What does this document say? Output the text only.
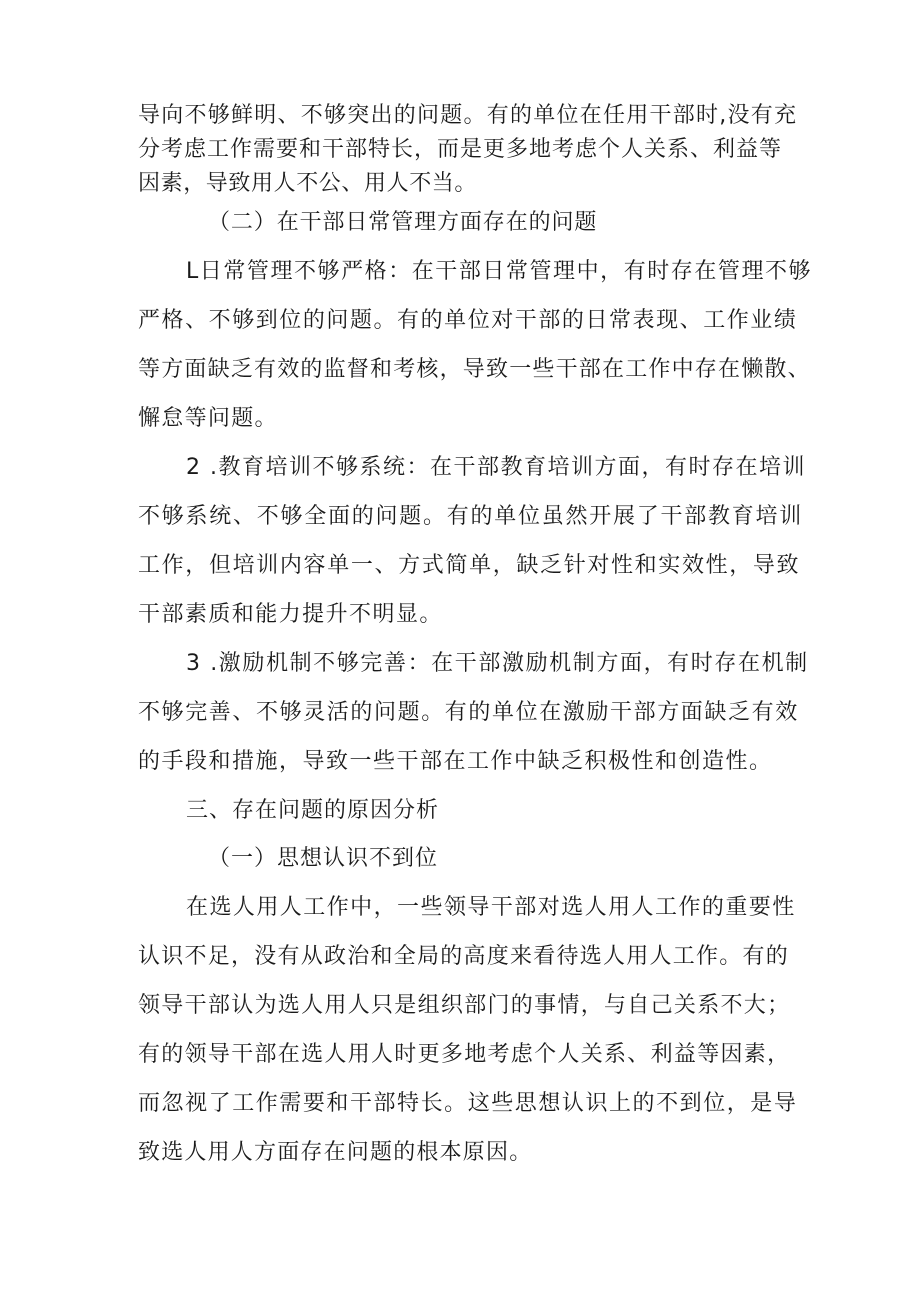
导向不够鲜明、不够突出的问题。有的单位在任用干部时,没有充
分考虑工作需要和干部特长，而是更多地考虑个人关系、利益等
因素，导致用人不公、用人不当。
（二）在干部日常管理方面存在的问题
L日常管理不够严格：在干部日常管理中，有时存在管理不够
严格、不够到位的问题。有的单位对干部的日常表现、工作业绩
等方面缺乏有效的监督和考核，导致一些干部在工作中存在懒散、
懈怠等问题。
2 .教育培训不够系统：在干部教育培训方面，有时存在培训
不够系统、不够全面的问题。有的单位虽然开展了干部教育培训
工作，但培训内容单一、方式简单，缺乏针对性和实效性，导致
干部素质和能力提升不明显。
3 .激励机制不够完善：在干部激励机制方面，有时存在机制
不够完善、不够灵活的问题。有的单位在激励干部方面缺乏有效
的手段和措施，导致一些干部在工作中缺乏积极性和创造性。
三、存在问题的原因分析
（一）思想认识不到位
在选人用人工作中，一些领导干部对选人用人工作的重要性
认识不足，没有从政治和全局的高度来看待选人用人工作。有的
领导干部认为选人用人只是组织部门的事情，与自己关系不大；
有的领导干部在选人用人时更多地考虑个人关系、利益等因素，
而忽视了工作需要和干部特长。这些思想认识上的不到位，是导
致选人用人方面存在问题的根本原因。
